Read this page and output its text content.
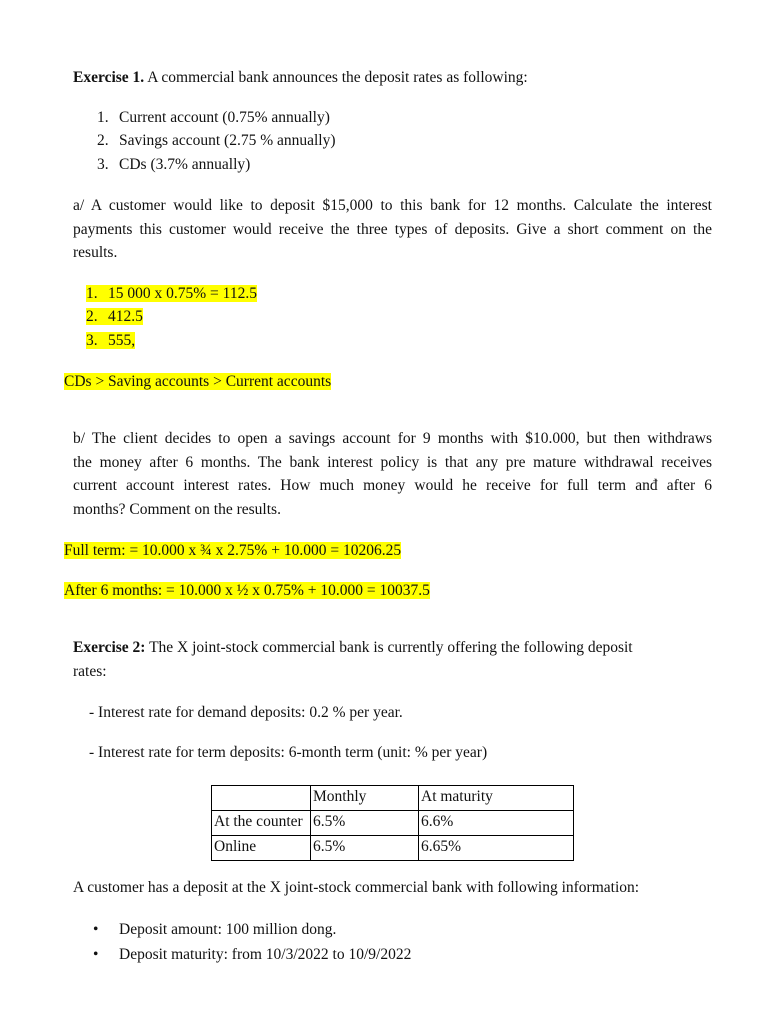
Exercise 1. A commercial bank announces the deposit rates as following:
1. Current account (0.75% annually)
2. Savings account (2.75 % annually)
3. CDs (3.7% annually)
a/ A customer would like to deposit $15,000 to this bank for 12 months. Calculate the interest
payments this customer would receive the three types of deposits. Give a short comment on the
results.
1. 15 000 x 0.75% = 112.5
2. 412.5
3. 555,
CDs > Saving accounts > Current accounts
b/ The client decides to open a savings account for 9 months with $10.000, but then withdraws
the money after 6 months. The bank interest policy is that any pre mature withdrawal receives
current account interest rates. How much money would he receive for full term anđ after 6
months? Comment on the results.
Full term: = 10.000 x ¾ x 2.75% + 10.000 = 10206.25
After 6 months: = 10.000 x ½ x 0.75% + 10.000 = 10037.5
Exercise 2: The X joint-stock commercial bank is currently offering the following deposit
rates:
- Interest rate for demand deposits: 0.2 % per year.
- Interest rate for term deposits: 6-month term (unit: % per year)
	Monthly	At maturity
At the counter	6.5%	6.6%
Online	6.5%	6.65%
A customer has a deposit at the X joint-stock commercial bank with following information:
• Deposit amount: 100 million dong.
• Deposit maturity: from 10/3/2022 to 10/9/2022
